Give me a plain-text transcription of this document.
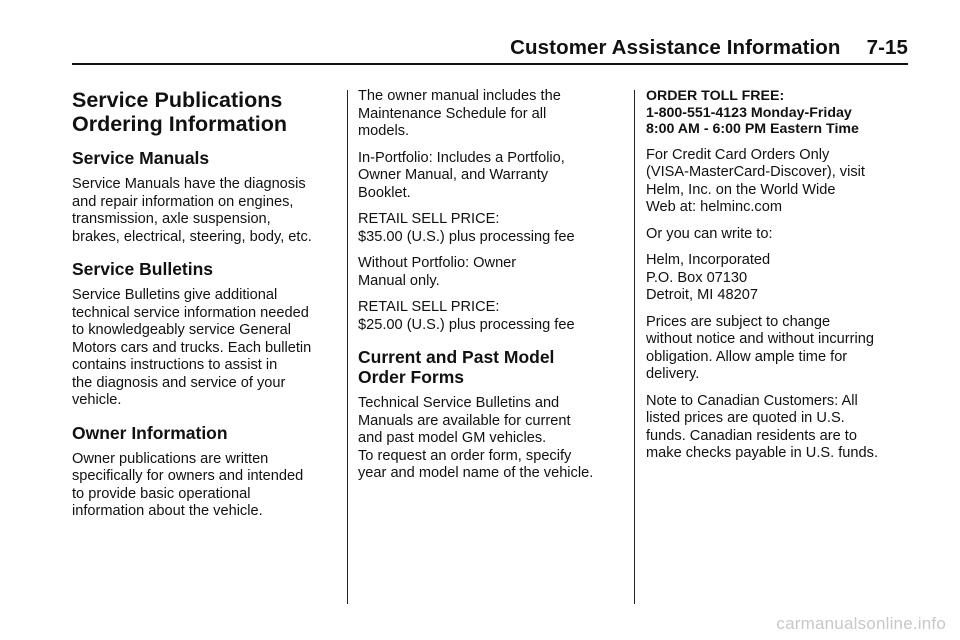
Customer Assistance Information 7-15
Service Publications
Ordering Information
Service Manuals

Service Manuals have the diagnosis
and repair information on engines,
transmission, axle suspension,
brakes, electrical, steering, body, etc.

Service Bulletins

Service Bulletins give additional
technical service information needed
to knowledgeably service General
Motors cars and trucks. Each bulletin
contains instructions to assist in
the diagnosis and service of your
vehicle.

Owner Information

Owner publications are written
specifically for owners and intended
to provide basic operational
information about the vehicle.

The owner manual includes the
Maintenance Schedule for all
models.

In-Portfolio: Includes a Portfolio,
Owner Manual, and Warranty
Booklet.

RETAIL SELL PRICE:
$35.00 (U.S.) plus processing fee

Without Portfolio: Owner
Manual only.

RETAIL SELL PRICE:
$25.00 (U.S.) plus processing fee

Current and Past Model
Order Forms

Technical Service Bulletins and
Manuals are available for current
and past model GM vehicles.
To request an order form, specify
year and model name of the vehicle.

ORDER TOLL FREE:
1-800-551-4123 Monday-Friday
8:00 AM - 6:00 PM Eastern Time

For Credit Card Orders Only
(VISA-MasterCard-Discover), visit
Helm, Inc. on the World Wide
Web at: helminc.com

Or you can write to:

Helm, Incorporated
P.O. Box 07130
Detroit, MI 48207

Prices are subject to change
without notice and without incurring
obligation. Allow ample time for
delivery.

Note to Canadian Customers: All
listed prices are quoted in U.S.
funds. Canadian residents are to
make checks payable in U.S. funds.

carmanualsonline.info
